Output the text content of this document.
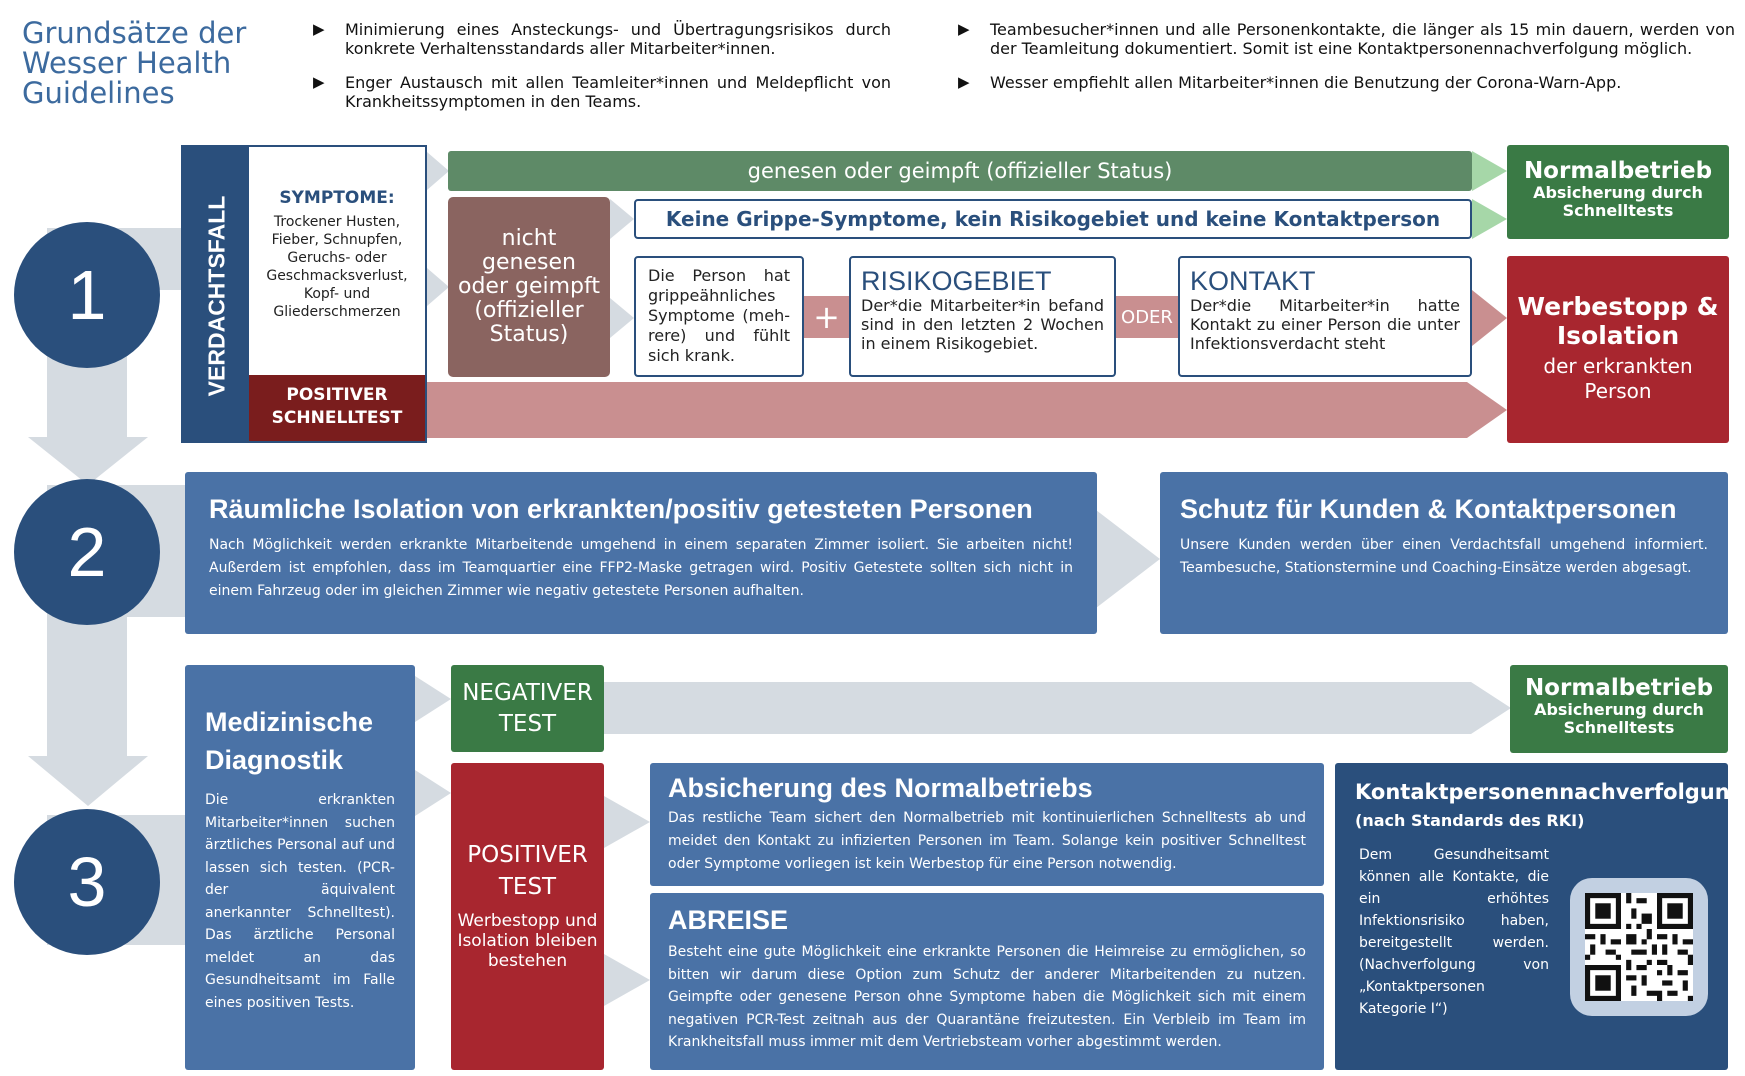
Grundsätze der
Wesser Health
Guidelines
▶ Minimierung eines Ansteckungs- und Übertragungsrisikos durch konkrete Verhaltensstandards aller Mitarbeiter*innen.
▶ Enger Austausch mit allen Teamleiter*innen und Meldepflicht von Krankheitssymptomen in den Teams.
▶ Teambesucher*innen und alle Personenkontakte, die länger als 15 min dauern, werden von der Teamleitung dokumentiert. Somit ist eine Kontaktpersonennachverfolgung möglich.
▶ Wesser empfiehlt allen Mitarbeiter*innen die Benutzung der Corona-Warn-App.
1
2
3
VERDACHTSFALL	SYMPTOME:
Trockener Husten, Fieber, Schnupfen, Geruchs- oder Geschmacksverlust, Kopf- und Gliederschmerzen
POSITIVER SCHNELLTEST
genesen oder geimpft (offizieller Status)
nicht genesen oder geimpft (offizieller Status)
Keine Grippe-Symptome, kein Risikogebiet und keine Kontaktperson
Die Person hat grippeähnliches Symptome (meh-rere) und fühlt sich krank.
+

RISIKOGEBIET

Der*die Mitarbeiter*in befand sind in den letzten 2 Wochen in einem Risikogebiet.

ODER

KONTAKT

Der*die Mitarbeiter*in hatte Kontakt zu einer Person die unter Infektionsverdacht steht

Normalbetrieb
Absicherung durch Schnelltests
Werbestopp & Isolation
der erkrankten Person
Räumliche Isolation von erkrankten/positiv getesteten Personen
Nach Möglichkeit werden erkrankte Mitarbeitende umgehend in einem separaten Zimmer isoliert. Sie arbeiten nicht! Außerdem ist empfohlen, dass im Teamquartier eine FFP2-Maske getragen wird. Positiv Getestete sollten sich nicht in einem Fahrzeug oder im gleichen Zimmer wie negativ getestete Personen aufhalten.
Schutz für Kunden & Kontaktpersonen
Unsere Kunden werden über einen Verdachtsfall umgehend informiert. Teambesuche, Stationstermine und Coaching-Einsätze werden abgesagt.
Medizinische Diagnostik
Die erkrankten Mitarbeiter*innen suchen ärztliches Personal auf und lassen sich testen. (PCR- der äquivalent anerkannter Schnelltest). Das ärztliche Personal meldet an das Gesundheitsamt im Falle eines positiven Tests.
NEGATIVER TEST
POSITIVER TEST
Werbestopp und Isolation bleiben bestehen
Normalbetrieb
Absicherung durch Schnelltests
Absicherung des Normalbetriebs
Das restliche Team sichert den Normalbetrieb mit kontinuierlichen Schnelltests ab und meidet den Kontakt zu infizierten Personen im Team. Solange kein positiver Schnelltest oder Symptome vorliegen ist kein Werbestop für eine Person notwendig.
ABREISE
Besteht eine gute Möglichkeit eine erkrankte Personen die Heimreise zu ermöglichen, so bitten wir darum diese Option zum Schutz der anderer Mitarbeitenden zu nutzen. Geimpfte oder genesene Person ohne Symptome haben die Möglichkeit sich mit einem negativen PCR-Test zeitnah aus der Quarantäne freizutesten. Ein Verbleib im Team im Krankheitsfall muss immer mit dem Vertriebsteam vorher abgestimmt werden.
Kontaktpersonennachverfolgung
(nach Standards des RKI)
Dem Gesundheitsamt können alle Kontakte, die ein erhöhtes Infektionsrisiko haben, bereitgestellt werden. (Nachverfolgung von „Kontaktpersonen Kategorie I“)
